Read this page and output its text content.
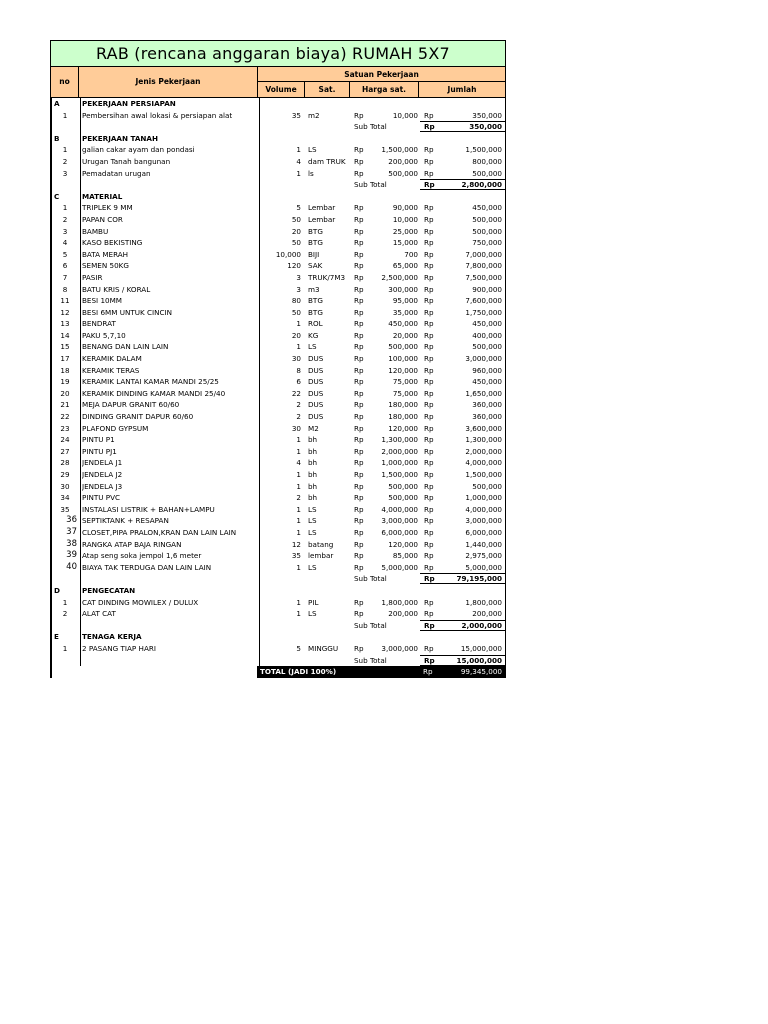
RAB (rencana anggaran biaya) RUMAH 5X7
no	Jenis Pekerjaan
Satuan Pekerjaan
Volume	Sat.	Harga sat.	Jumlah
A	PEKERJAAN PERSIAPAN
1	Pembersihan awal lokasi & persiapan alat	35 m2	Rp	10,000 Rp	350,000
Sub Total	Rp	350,000
B	PEKERJAAN TANAH
1	galian cakar ayam dan pondasi	1 LS	Rp	1,500,000 Rp	1,500,000
2	Urugan Tanah bangunan	4 dam TRUK	Rp	200,000 Rp	800,000
3	Pemadatan urugan	1 ls	Rp	500,000 Rp	500,000
Sub Total	Rp	2,800,000
C	MATERIAL
1	TRIPLEK 9 MM	5 Lembar	Rp	90,000 Rp	450,000
2	PAPAN COR	50 Lembar	Rp	10,000 Rp	500,000
3	BAMBU	20 BTG	Rp	25,000 Rp	500,000
4	KASO BEKISTING	50 BTG	Rp	15,000 Rp	750,000
5	BATA MERAH	10,000 BIJI	Rp	700 Rp	7,000,000
6	SEMEN 50KG	120 SAK	Rp	65,000 Rp	7,800,000
7	PASIR	3 TRUK/7M3	Rp	2,500,000 Rp	7,500,000
8	BATU KRIS / KORAL	3 m3	Rp	300,000 Rp	900,000
11	BESI 10MM	80 BTG	Rp	95,000 Rp	7,600,000
12	BESI 6MM UNTUK CINCIN	50 BTG	Rp	35,000 Rp	1,750,000
13	BENDRAT	1 ROL	Rp	450,000 Rp	450,000
14	PAKU 5,7,10	20 KG	Rp	20,000 Rp	400,000
15	BENANG DAN LAIN LAIN	1 LS	Rp	500,000 Rp	500,000
17	KERAMIK DALAM	30 DUS	Rp	100,000 Rp	3,000,000
18	KERAMIK TERAS	8 DUS	Rp	120,000 Rp	960,000
19	KERAMIK LANTAI KAMAR MANDI 25/25	6 DUS	Rp	75,000 Rp	450,000
20	KERAMIK DINDING KAMAR MANDI 25/40	22 DUS	Rp	75,000 Rp	1,650,000
21	MEJA DAPUR GRANIT 60/60	2 DUS	Rp	180,000 Rp	360,000
22	DINDING GRANIT DAPUR 60/60	2 DUS	Rp	180,000 Rp	360,000
23	PLAFOND GYPSUM	30 M2	Rp	120,000 Rp	3,600,000
24	PINTU P1	1 bh	Rp	1,300,000 Rp	1,300,000
27	PINTU PJ1	1 bh	Rp	2,000,000 Rp	2,000,000
28	JENDELA J1	4 bh	Rp	1,000,000 Rp	4,000,000
29	JENDELA J2	1 bh	Rp	1,500,000 Rp	1,500,000
30	JENDELA J3	1 bh	Rp	500,000 Rp	500,000
34	PINTU PVC	2 bh	Rp	500,000 Rp	1,000,000
35	INSTALASI LISTRIK + BAHAN+LAMPU	1 LS	Rp	4,000,000 Rp	4,000,000
36 SEPTIKTANK + RESAPAN	1 LS	Rp	3,000,000 Rp	3,000,000
37 CLOSET,PIPA PRALON,KRAN DAN LAIN LAIN	1 LS	Rp	6,000,000 Rp	6,000,000
38 RANGKA ATAP BAJA RINGAN	12 batang	Rp	120,000 Rp	1,440,000
39 Atap seng soka jempol 1,6 meter	35 lembar	Rp	85,000 Rp	2,975,000
40 BIAYA TAK TERDUGA DAN LAIN LAIN	1 LS	Rp	5,000,000 Rp	5,000,000
Sub Total	Rp	79,195,000
D	PENGECATAN
1	CAT DINDING MOWILEX / DULUX	1 PIL	Rp	1,800,000 Rp	1,800,000
2	ALAT CAT	1 LS	Rp	200,000 Rp	200,000
Sub Total	Rp	2,000,000
E	TENAGA KERJA
1	2 PASANG TIAP HARI	5 MINGGU	Rp	3,000,000 Rp	15,000,000
Sub Total	Rp	15,000,000
TOTAL (JADI 100%)	Rp	99,345,000
